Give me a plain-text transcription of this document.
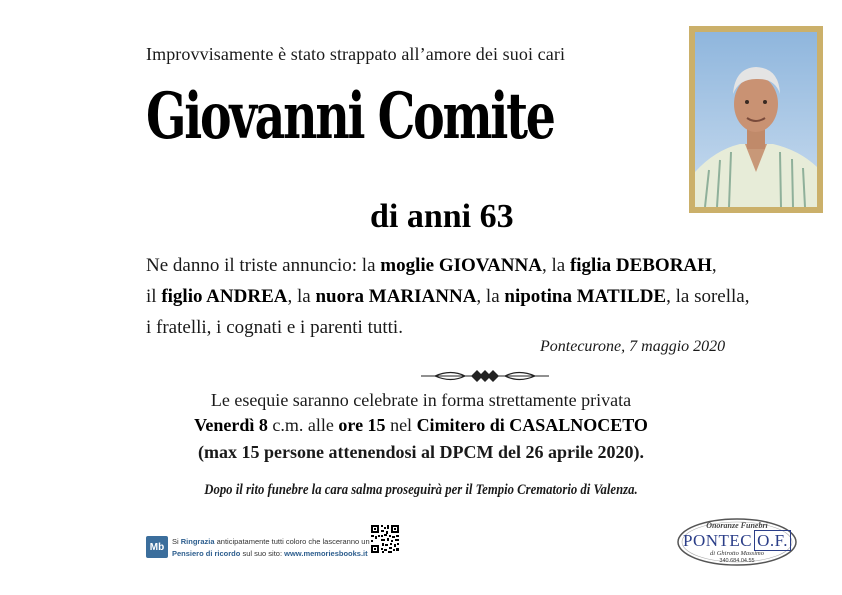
Improvvisamente è stato strappato all’amore dei suoi cari
Giovanni Comite
di anni 63
Ne danno il triste annuncio: la moglie GIOVANNA, la figlia DEBORAH,
il figlio ANDREA, la nuora MARIANNA, la nipotina MATILDE, la sorella,
i fratelli, i cognati e i parenti tutti.
Pontecurone, 7 maggio 2020
Le esequie saranno celebrate in forma strettamente privata
Venerdì 8 c.m. alle ore 15 nel Cimitero di CASALNOCETO
(max 15 persone attenendosi al DPCM del 26 aprile 2020).
Dopo il rito funebre la cara salma proseguirà per il Tempio Crematorio di Valenza.
Mb	Si Ringrazia anticipatamente tutti coloro che lasceranno un
Pensiero di ricordo sul suo sito: www.memoriesbooks.it
Onoranze Funebri
PONTEC O.F.
di Ghirotto Massimo
340.684.04.55
